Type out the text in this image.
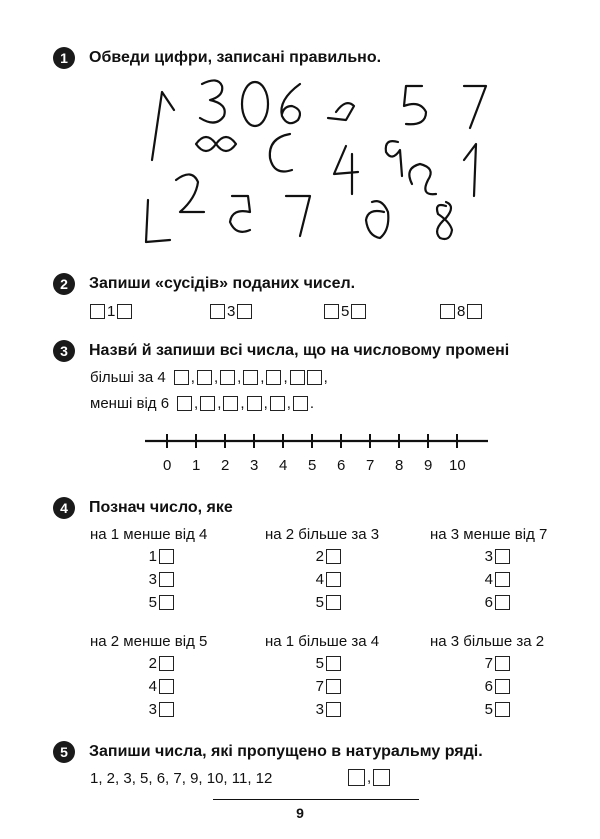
1	Обведи цифри, записані правильно.
2	Запиши «сусідів» поданих чисел.
1	3	5	8
3	Назви́ й запиши всі числа, що на числовому промені
більші за 4 , , , , , ,
менші від 6 , , , , , .
0 1 2 3 4 5 6 7 8 9 10
4	Познач число, яке
на 1 менше від 4
1
3
5
на 2 більше за 3
2
4
5
на 3 менше від 7
3
4
6
на 2 менше від 5
2
4
3
на 1 більше за 4
5
7
3
на 3 більше за 2
7
6
5
5	Запиши числа, які пропущено в натуральму ряді.
1, 2, 3, 5, 6, 7, 9, 10, 11, 12	,
9
